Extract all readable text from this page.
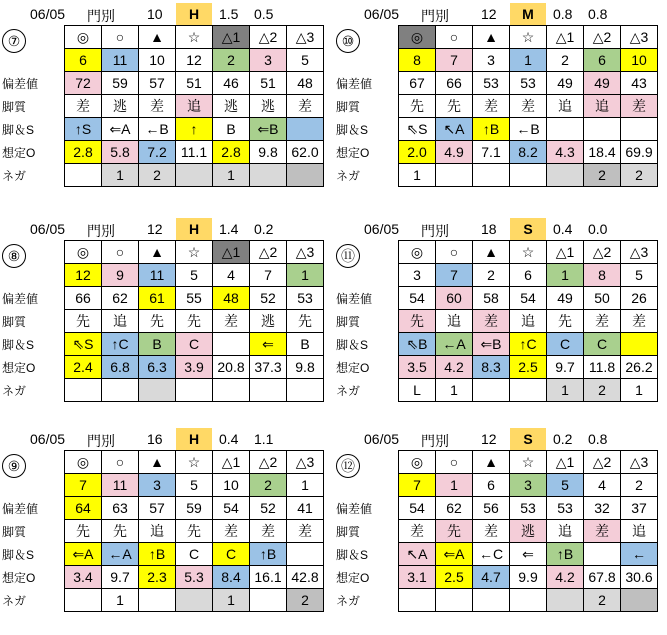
06/05 門別 10	H	1.5 0.5
⑦
偏差値
脚質
脚＆S
想定O
ネガ
◎	○	▲	☆	△1	△2	△3
6	11	10	12	2	3	5
72	59	57	51	46	51	48
差	逃	差	追	逃	逃	差
↑S	⇐A	←B	↑	B	⇐B	
2.8	5.8	7.2	11.1	2.8	9.8	62.0
	1	2		1		
06/05 門別 12	M	0.8 0.8
⑩
偏差値
脚質
脚＆S
想定O
ネガ
◎	○	▲	☆	△1	△2	△3
8	7	3	1	2	6	10
67	66	53	53	49	49	43
先	先	差	差	追	追	差
⇖S	↖A	↑B	←B			
2.0	4.9	7.1	8.2	4.3	18.4	69.9
1					2	2
06/05 門別 12	H	1.4 0.2
⑧
偏差値
脚質
脚＆S
想定O
ネガ
◎	○	▲	☆	△1	△2	△3
12	9	11	5	4	7	1
66	62	61	55	48	52	53
先	追	先	先	差	逃	先
⇖S	↑C	B	C		⇐	B
2.4	6.8	6.3	3.9	20.8	37.3	9.8

06/05 門別 18	S	0.4 0.0
⑪
偏差値
脚質
脚＆S
想定O
ネガ
◎	○	▲	☆	△1	△2	△3
3	7	2	6	1	8	5
54	60	58	54	49	50	26
先	追	差	追	先	差	差
⇖B	←A	⇐B	↑C	C	C	
3.5	4.2	8.3	2.5	9.7	11.8	26.2
L	1			1	2	1
06/05 門別 16	H	0.4 1.1
⑨
偏差値
脚質
脚＆S
想定O
ネガ
◎	○	▲	☆	△1	△2	△3
7	11	3	5	10	2	1
64	63	57	59	54	52	41
先	先	追	先	差	差	差
⇐A	←A	↑B	C	C	↑B	
3.4	9.7	2.3	5.3	8.4	16.1	42.8
	1			1		2
06/05 門別 12	S	0.2 0.8
⑫
偏差値
脚質
脚＆S
想定O
ネガ
◎	○	▲	☆	△1	△2	△3
7	1	6	3	5	4	2
54	62	56	53	53	32	37
差	先	差	逃	追	差	追
↖A	⇐A	←C	⇐	↑B		←
3.1	2.5	4.7	9.9	4.2	67.8	30.6
					2	
